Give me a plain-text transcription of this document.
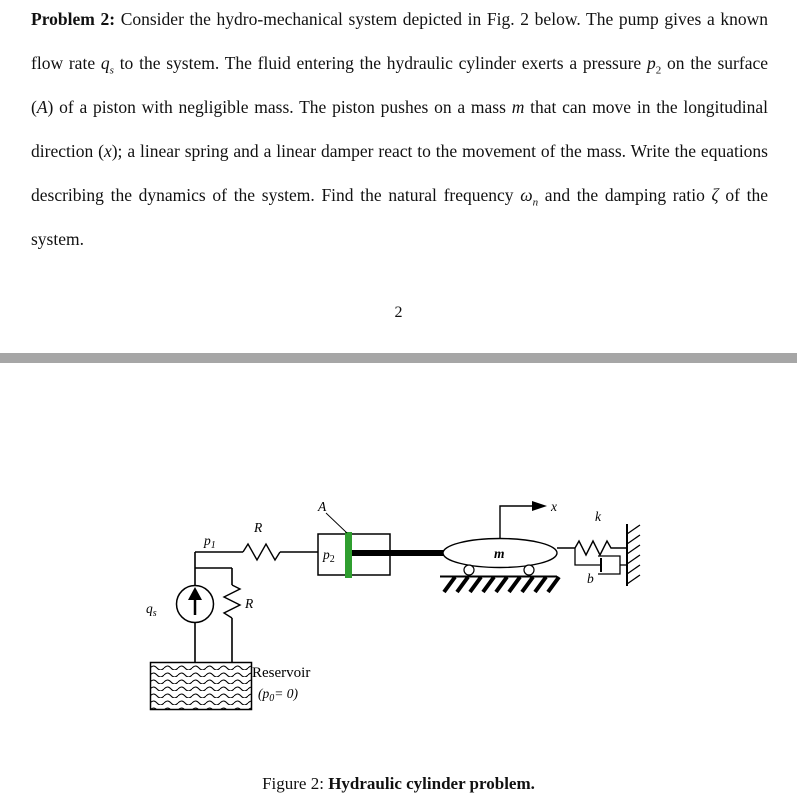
Problem 2: Consider the hydro-mechanical system depicted in Fig. 2 below. The pump gives a known flow rate $q_s$ to the system. The fluid entering the hydraulic cylinder exerts a pressure $p_2$ on the surface (A) of a piston with negligible mass. The piston pushes on a mass m that can move in the longitudinal direction (x); a linear spring and a linear damper react to the movement of the mass. Write the equations describing the dynamics of the system. Find the natural frequency $\omega_n$ and the damping ratio ζ of the system.

2
R
R
$p_1$
$q_s$
Reservoir
$(p_0= 0)$
$p_2$
A
m
x
k
b
Figure 2: Hydraulic cylinder problem.
